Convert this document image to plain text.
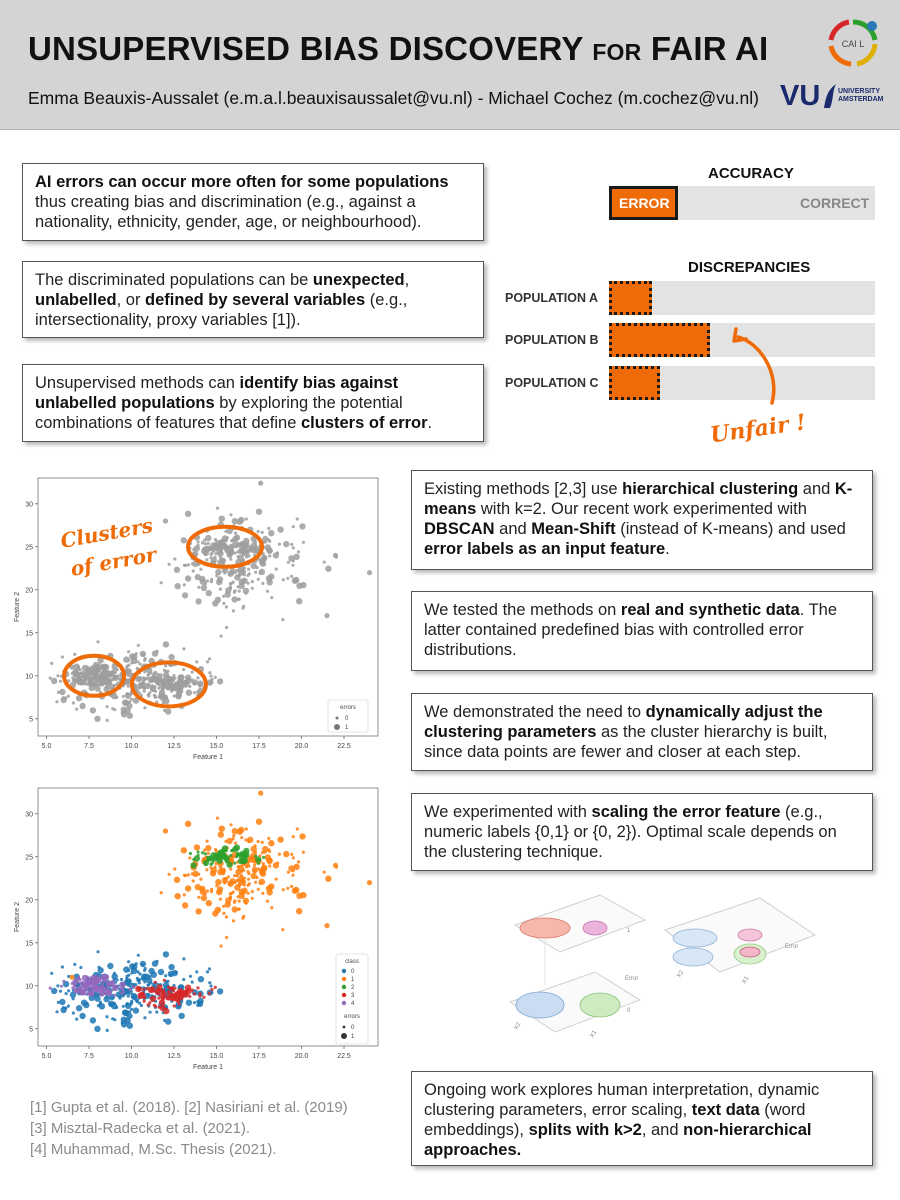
UNSUPERVISED BIAS DISCOVERY FOR FAIR AI
Emma Beauxis-Aussalet (e.m.a.l.beauxisaussalet@vu.nl) - Michael Cochez (m.cochez@vu.nl)
CAI L
VU	UNIVERSITY
AMSTERDAM
AI errors can occur more often for some populations thus creating bias and discrimination (e.g., against a nationality, ethnicity, gender, age, or neighbourhood).
The discriminated populations can be unexpected, unlabelled, or defined by several variables (e.g., intersectionality, proxy variables [1]).
Unsupervised methods can identify bias against unlabelled populations by exploring the potential combinations of features that define clusters of error.
ACCURACY
ERROR	CORRECT
DISCREPANCIES
POPULATION A
POPULATION B
POPULATION C
Unfair !
5.0	7.5	10.0	12.5	15.0	17.5	20.0	22.5
5
10
15
20
25
30
Feature 1
Feature 2
Clusters
of error
errors
0
1
5.0	7.5	10.0	12.5	15.0	17.5	20.0	22.5
5
10
15
20
25
30
Feature 1
Feature 2
class
0
1
2
3
4
errors
0
1
Existing methods [2,3] use hierarchical clustering and K-means with k=2. Our recent work experimented with DBSCAN and Mean-Shift (instead of K-means) and used error labels as an input feature.
We tested the methods on real and synthetic data. The latter contained predefined bias with controlled error distributions.
We demonstrated the need to dynamically adjust the clustering parameters as the cluster hierarchy is built, since data points are fewer and closer at each step.
We experimented with scaling the error feature (e.g., numeric labels {0,1} or {0, 2}). Optimal scale depends on the clustering technique.
1
Error
0
X2
X1
Error
X1
X2
Ongoing work explores human interpretation, dynamic clustering parameters, error scaling, text data (word embeddings), splits with k>2, and non-hierarchical approaches.
[1] Gupta et al. (2018). [2] Nasiriani et al. (2019)
[3] Misztal-Radecka et al. (2021).
[4] Muhammad, M.Sc. Thesis (2021).
